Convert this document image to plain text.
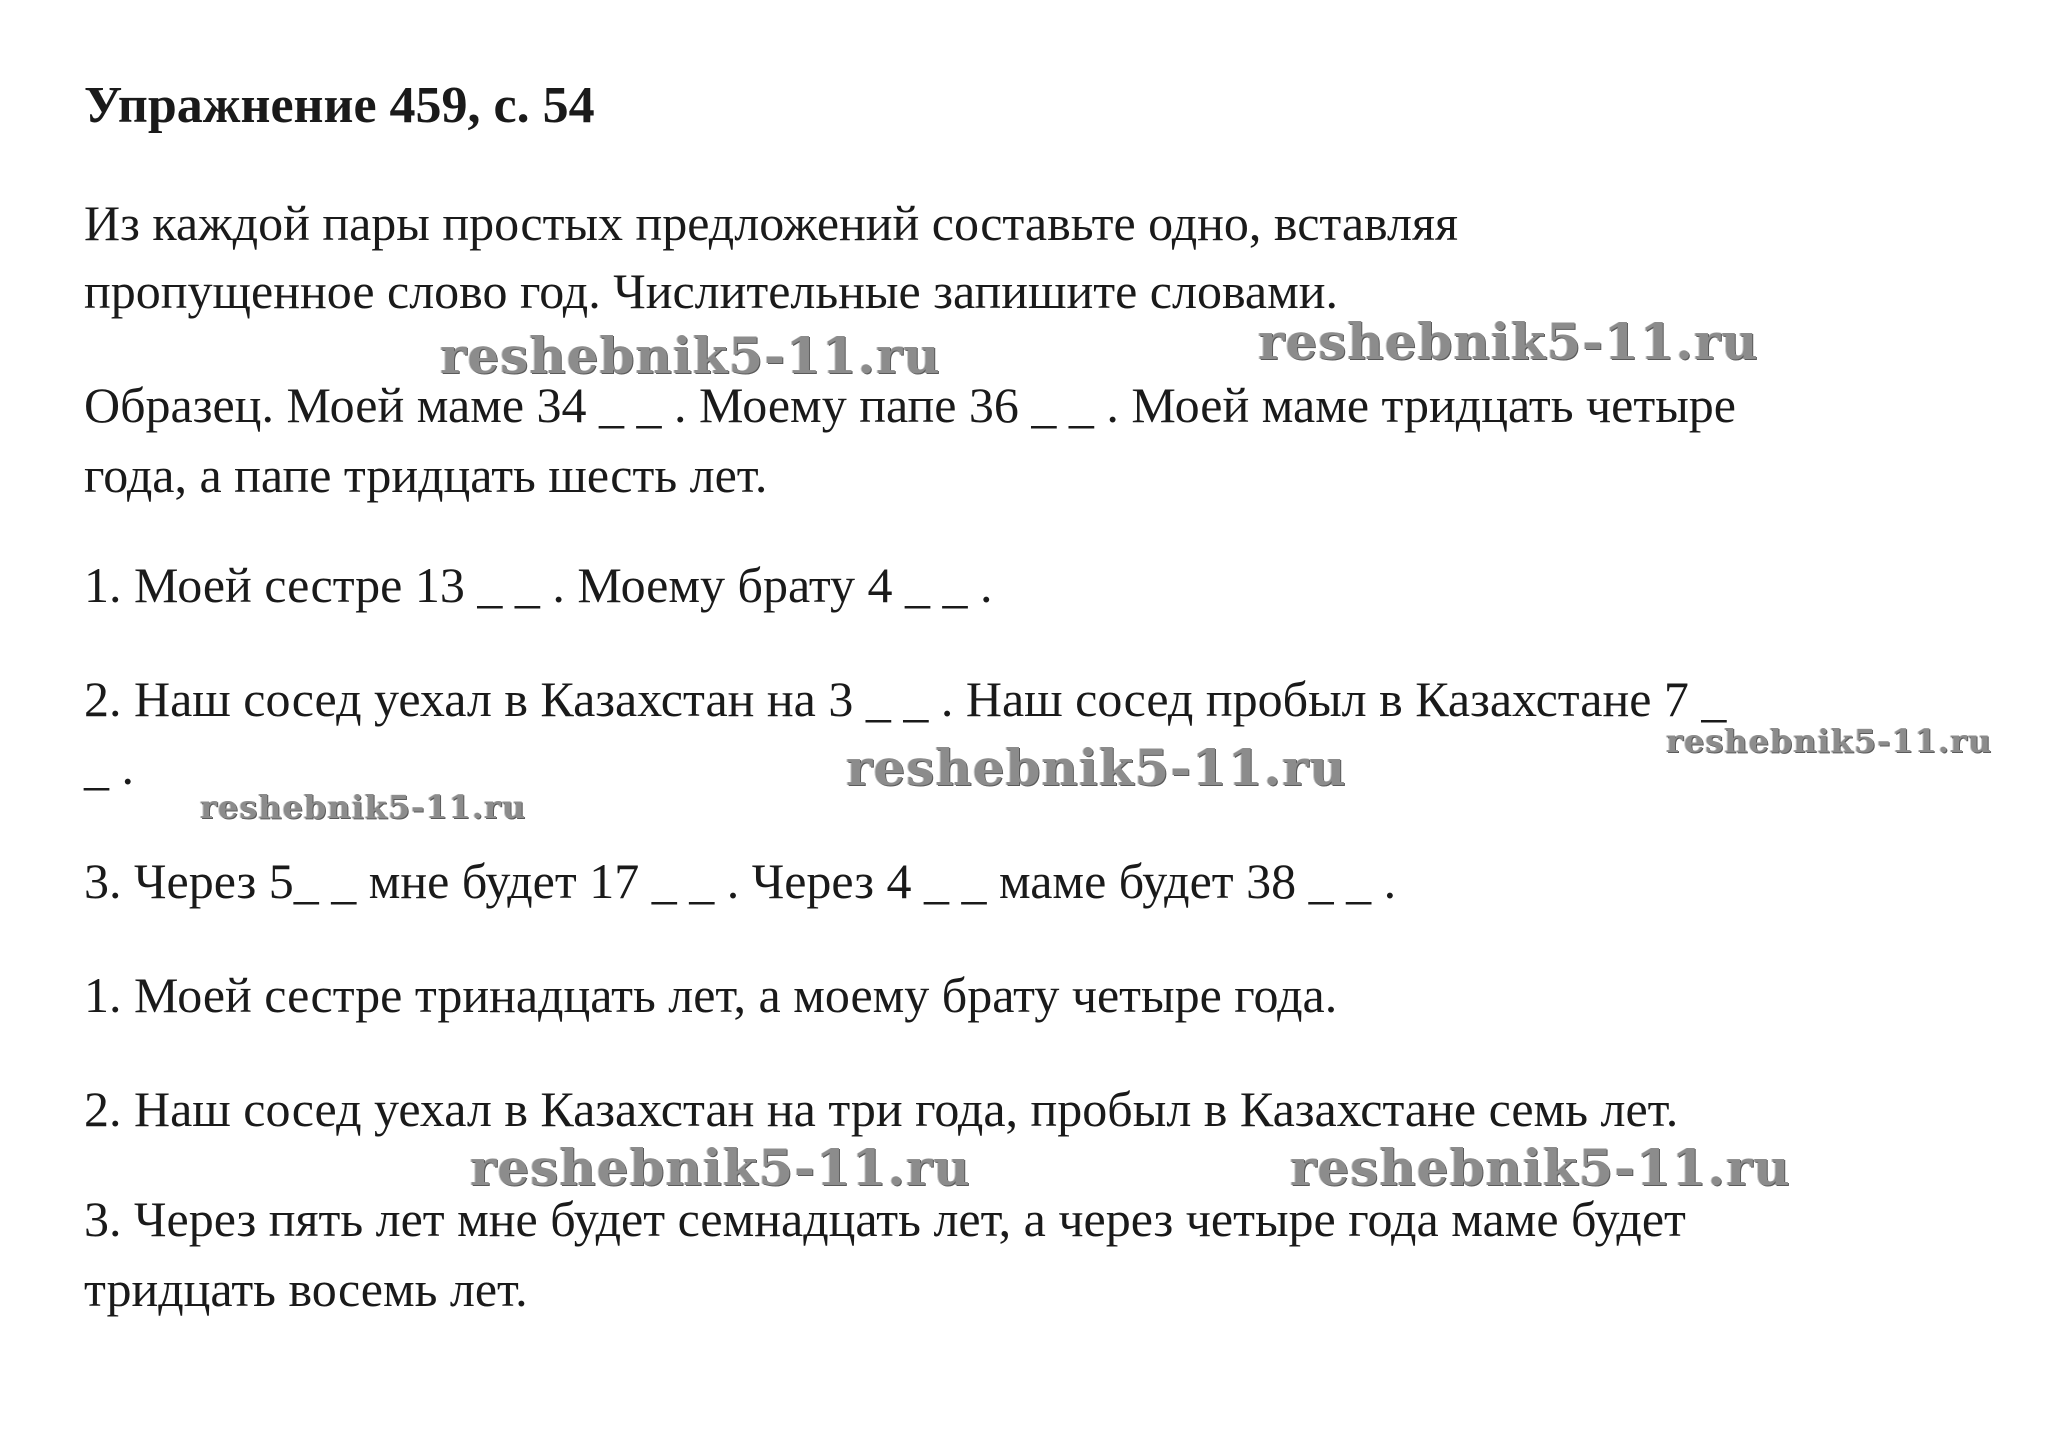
Упражнение 459, с. 54
Из каждой пары простых предложений составьте одно, вставляя
пропущенное слово год. Числительные запишите словами.
reshebnik5-11.ru	reshebnik5-11.ru
Образец. Моей маме 34 _ _ . Моему папе 36 _ _ . Моей маме тридцать четыре
года, а папе тридцать шесть лет.
1. Моей сестре 13 _ _ . Моему брату 4 _ _ .
2. Наш сосед уехал в Казахстан на 3 _ _ . Наш сосед пробыл в Казахстане 7 _
reshebnik5-11.ru
_ .	reshebnik5-11.ru
reshebnik5-11.ru
3. Через 5_ _ мне будет 17 _ _ . Через 4 _ _ маме будет 38 _ _ .
1. Моей сестре тринадцать лет, а моему брату четыре года.
2. Наш сосед уехал в Казахстан на три года, пробыл в Казахстане семь лет.
reshebnik5-11.ru	reshebnik5-11.ru
3. Через пять лет мне будет семнадцать лет, а через четыре года маме будет
тридцать восемь лет.
